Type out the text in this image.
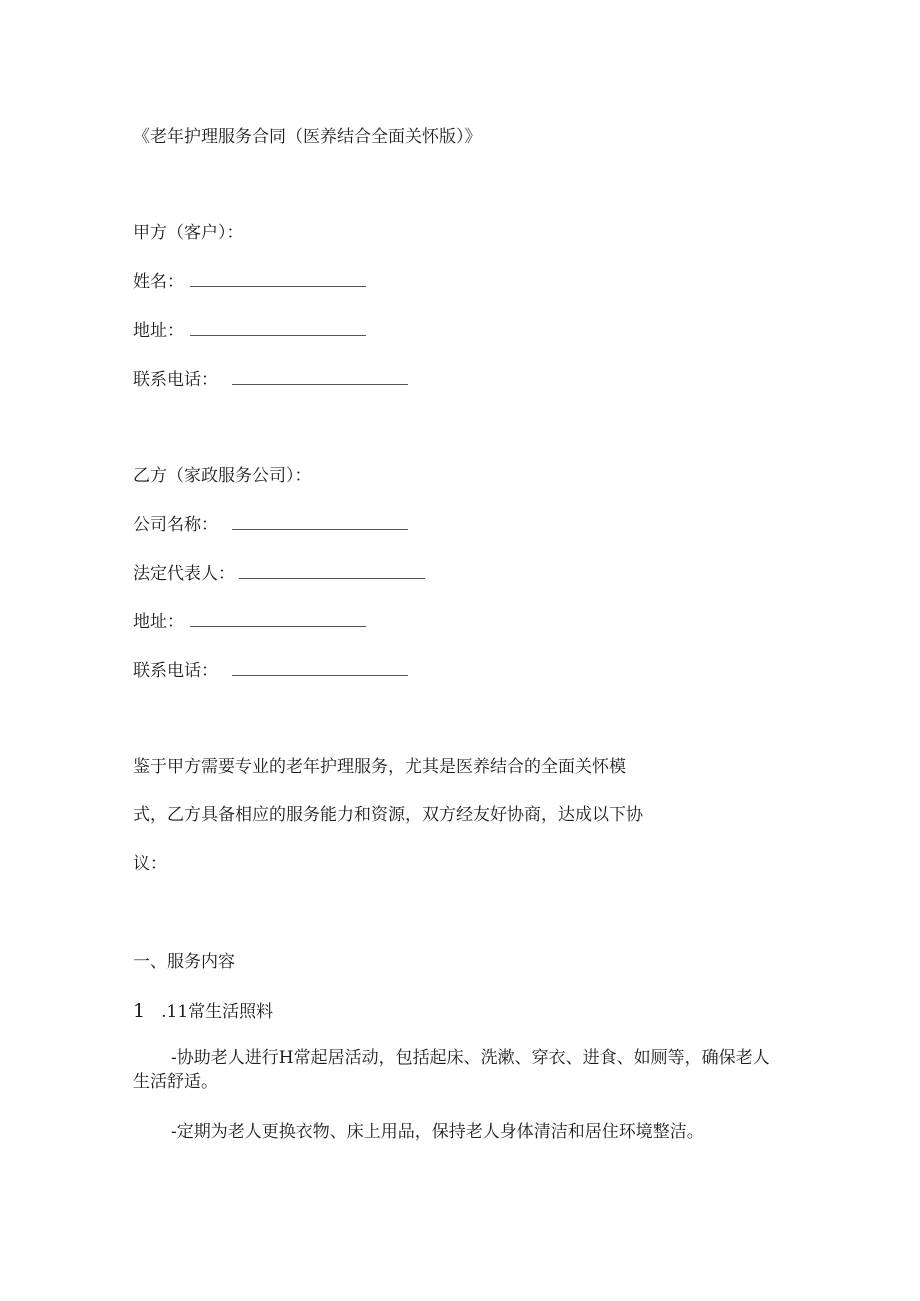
《老年护理服务合同（医养结合全面关怀版）》
甲方（客户）：
姓名：
地址：
联系电话：
乙方（家政服务公司）：
公司名称：
法定代表人：
地址：
联系电话：
鉴于甲方需要专业的老年护理服务，尤其是医养结合的全面关怀模
式，乙方具备相应的服务能力和资源，双方经友好协商，达成以下协
议：
一、服务内容
1 .11常生活照料
-协助老人进行H常起居活动，包括起床、洗漱、穿衣、进食、如厕等，确保老人生活舒适。
-定期为老人更换衣物、床上用品，保持老人身体清洁和居住环境整洁。
